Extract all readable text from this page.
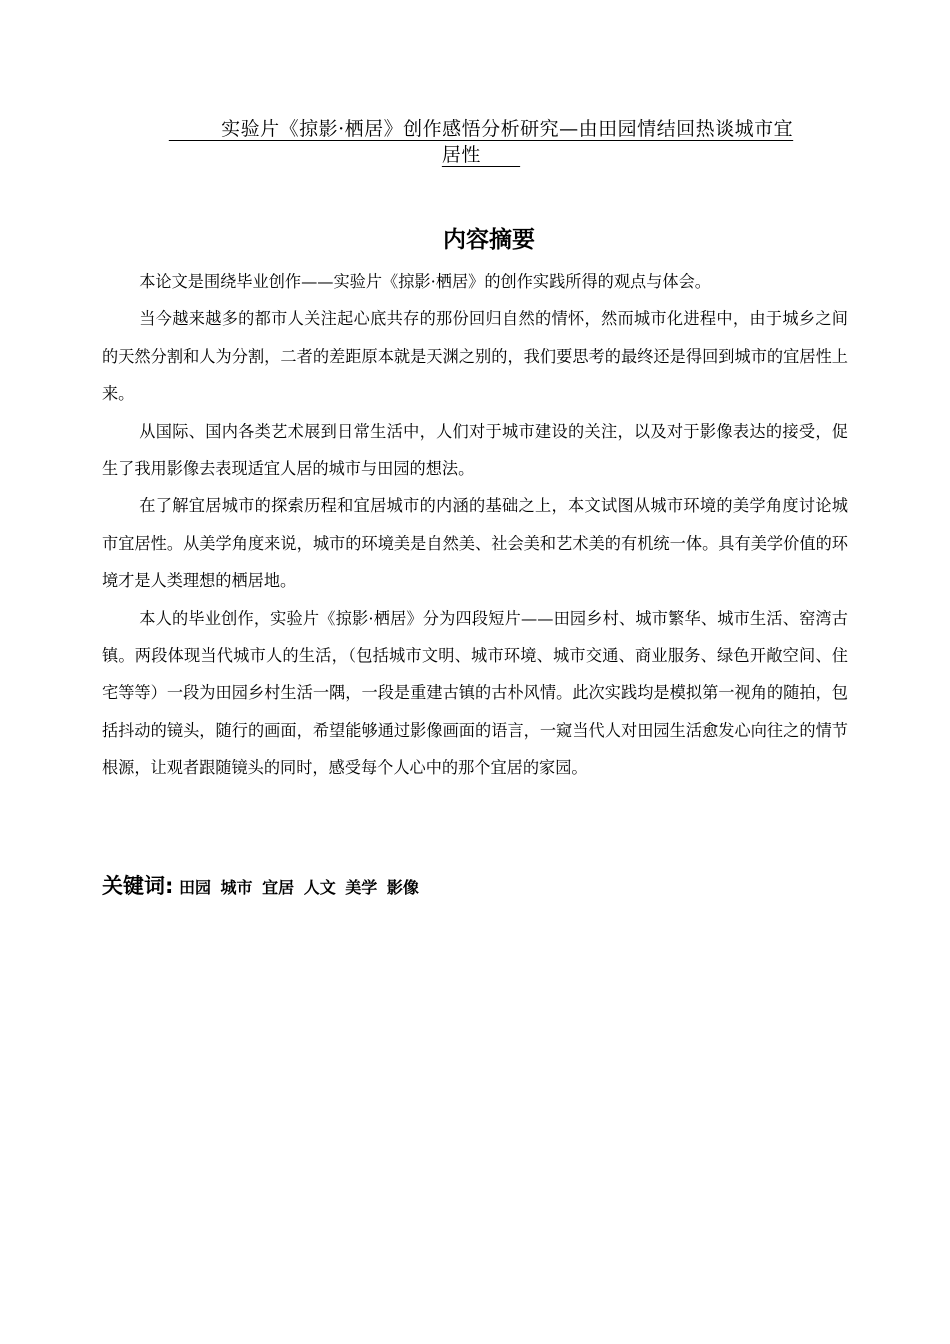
实验片《掠影·栖居》创作感悟分析研究—由田园情结回热谈城市宜
居性
内容摘要

本论文是围绕毕业创作——实验片《掠影·栖居》的创作实践所得的观点与体会。

当今越来越多的都市人关注起心底共存的那份回归自然的情怀，然而城市化进程中，由于城乡之间的天然分割和人为分割，二者的差距原本就是天渊之别的，我们要思考的最终还是得回到城市的宜居性上来。

从国际、国内各类艺术展到日常生活中，人们对于城市建设的关注，以及对于影像表达的接受，促生了我用影像去表现适宜人居的城市与田园的想法。

在了解宜居城市的探索历程和宜居城市的内涵的基础之上，本文试图从城市环境的美学角度讨论城市宜居性。从美学角度来说，城市的环境美是自然美、社会美和艺术美的有机统一体。具有美学价值的环境才是人类理想的栖居地。

本人的毕业创作，实验片《掠影·栖居》分为四段短片——田园乡村、城市繁华、城市生活、窑湾古镇。两段体现当代城市人的生活，（包括城市文明、城市环境、城市交通、商业服务、绿色开敞空间、住宅等等）一段为田园乡村生活一隅，一段是重建古镇的古朴风情。此次实践均是模拟第一视角的随拍，包括抖动的镜头，随行的画面，希望能够通过影像画面的语言，一窥当代人对田园生活愈发心向往之的情节根源，让观者跟随镜头的同时，感受每个人心中的那个宜居的家园。

关键词: 田园 城市 宜居 人文 美学 影像
